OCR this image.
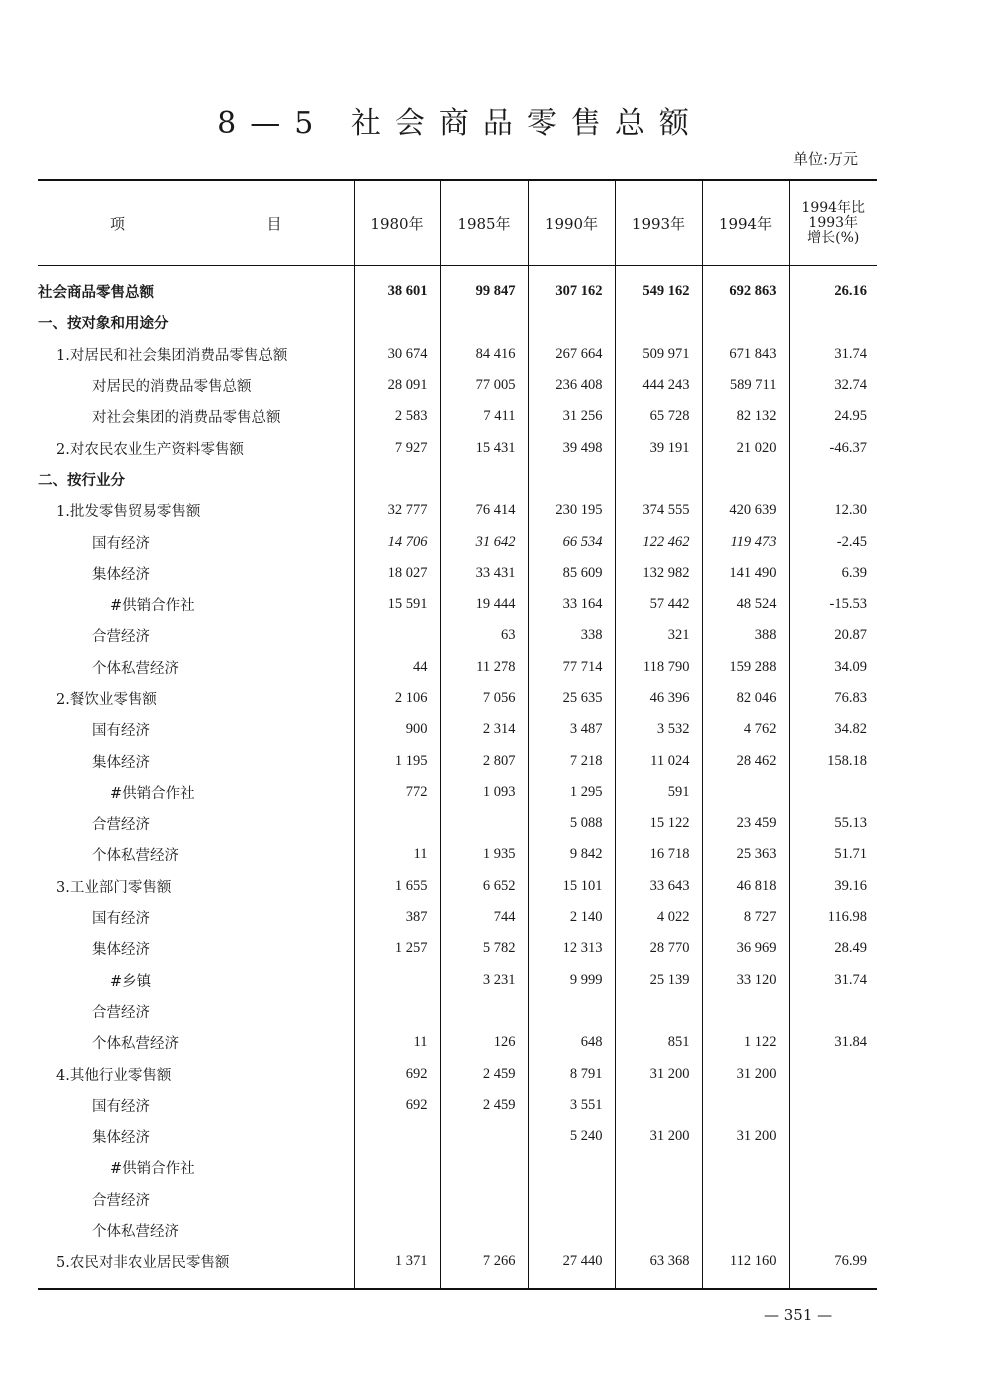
8—5 社会商品零售总额
单位:万元
项 目	1980年	1985年	1990年	1993年	1994年	1994年比
1993年
增长(%)

社会商品零售总额	38 601	99 847	307 162	549 162	692 863	26.16
一、按对象和用途分						
1.对居民和社会集团消费品零售总额	30 674	84 416	267 664	509 971	671 843	31.74
对居民的消费品零售总额	28 091	77 005	236 408	444 243	589 711	32.74
对社会集团的消费品零售总额	2 583	7 411	31 256	65 728	82 132	24.95
2.对农民农业生产资料零售额	7 927	15 431	39 498	39 191	21 020	-46.37
二、按行业分						
1.批发零售贸易零售额	32 777	76 414	230 195	374 555	420 639	12.30
国有经济	14 706	31 642	66 534	122 462	119 473	-2.45
集体经济	18 027	33 431	85 609	132 982	141 490	6.39
#供销合作社	15 591	19 444	33 164	57 442	48 524	-15.53
合营经济		63	338	321	388	20.87
个体私营经济	44	11 278	77 714	118 790	159 288	34.09
2.餐饮业零售额	2 106	7 056	25 635	46 396	82 046	76.83
国有经济	900	2 314	3 487	3 532	4 762	34.82
集体经济	1 195	2 807	7 218	11 024	28 462	158.18
#供销合作社	772	1 093	1 295	591		
合营经济			5 088	15 122	23 459	55.13
个体私营经济	11	1 935	9 842	16 718	25 363	51.71
3.工业部门零售额	1 655	6 652	15 101	33 643	46 818	39.16
国有经济	387	744	2 140	4 022	8 727	116.98
集体经济	1 257	5 782	12 313	28 770	36 969	28.49
#乡镇		3 231	9 999	25 139	33 120	31.74
合营经济						
个体私营经济	11	126	648	851	1 122	31.84
4.其他行业零售额	692	2 459	8 791	31 200	31 200	
国有经济	692	2 459	3 551			
集体经济			5 240	31 200	31 200	
#供销合作社						
合营经济						
个体私营经济						
5.农民对非农业居民零售额	1 371	7 266	27 440	63 368	112 160	76.99
— 351 —
